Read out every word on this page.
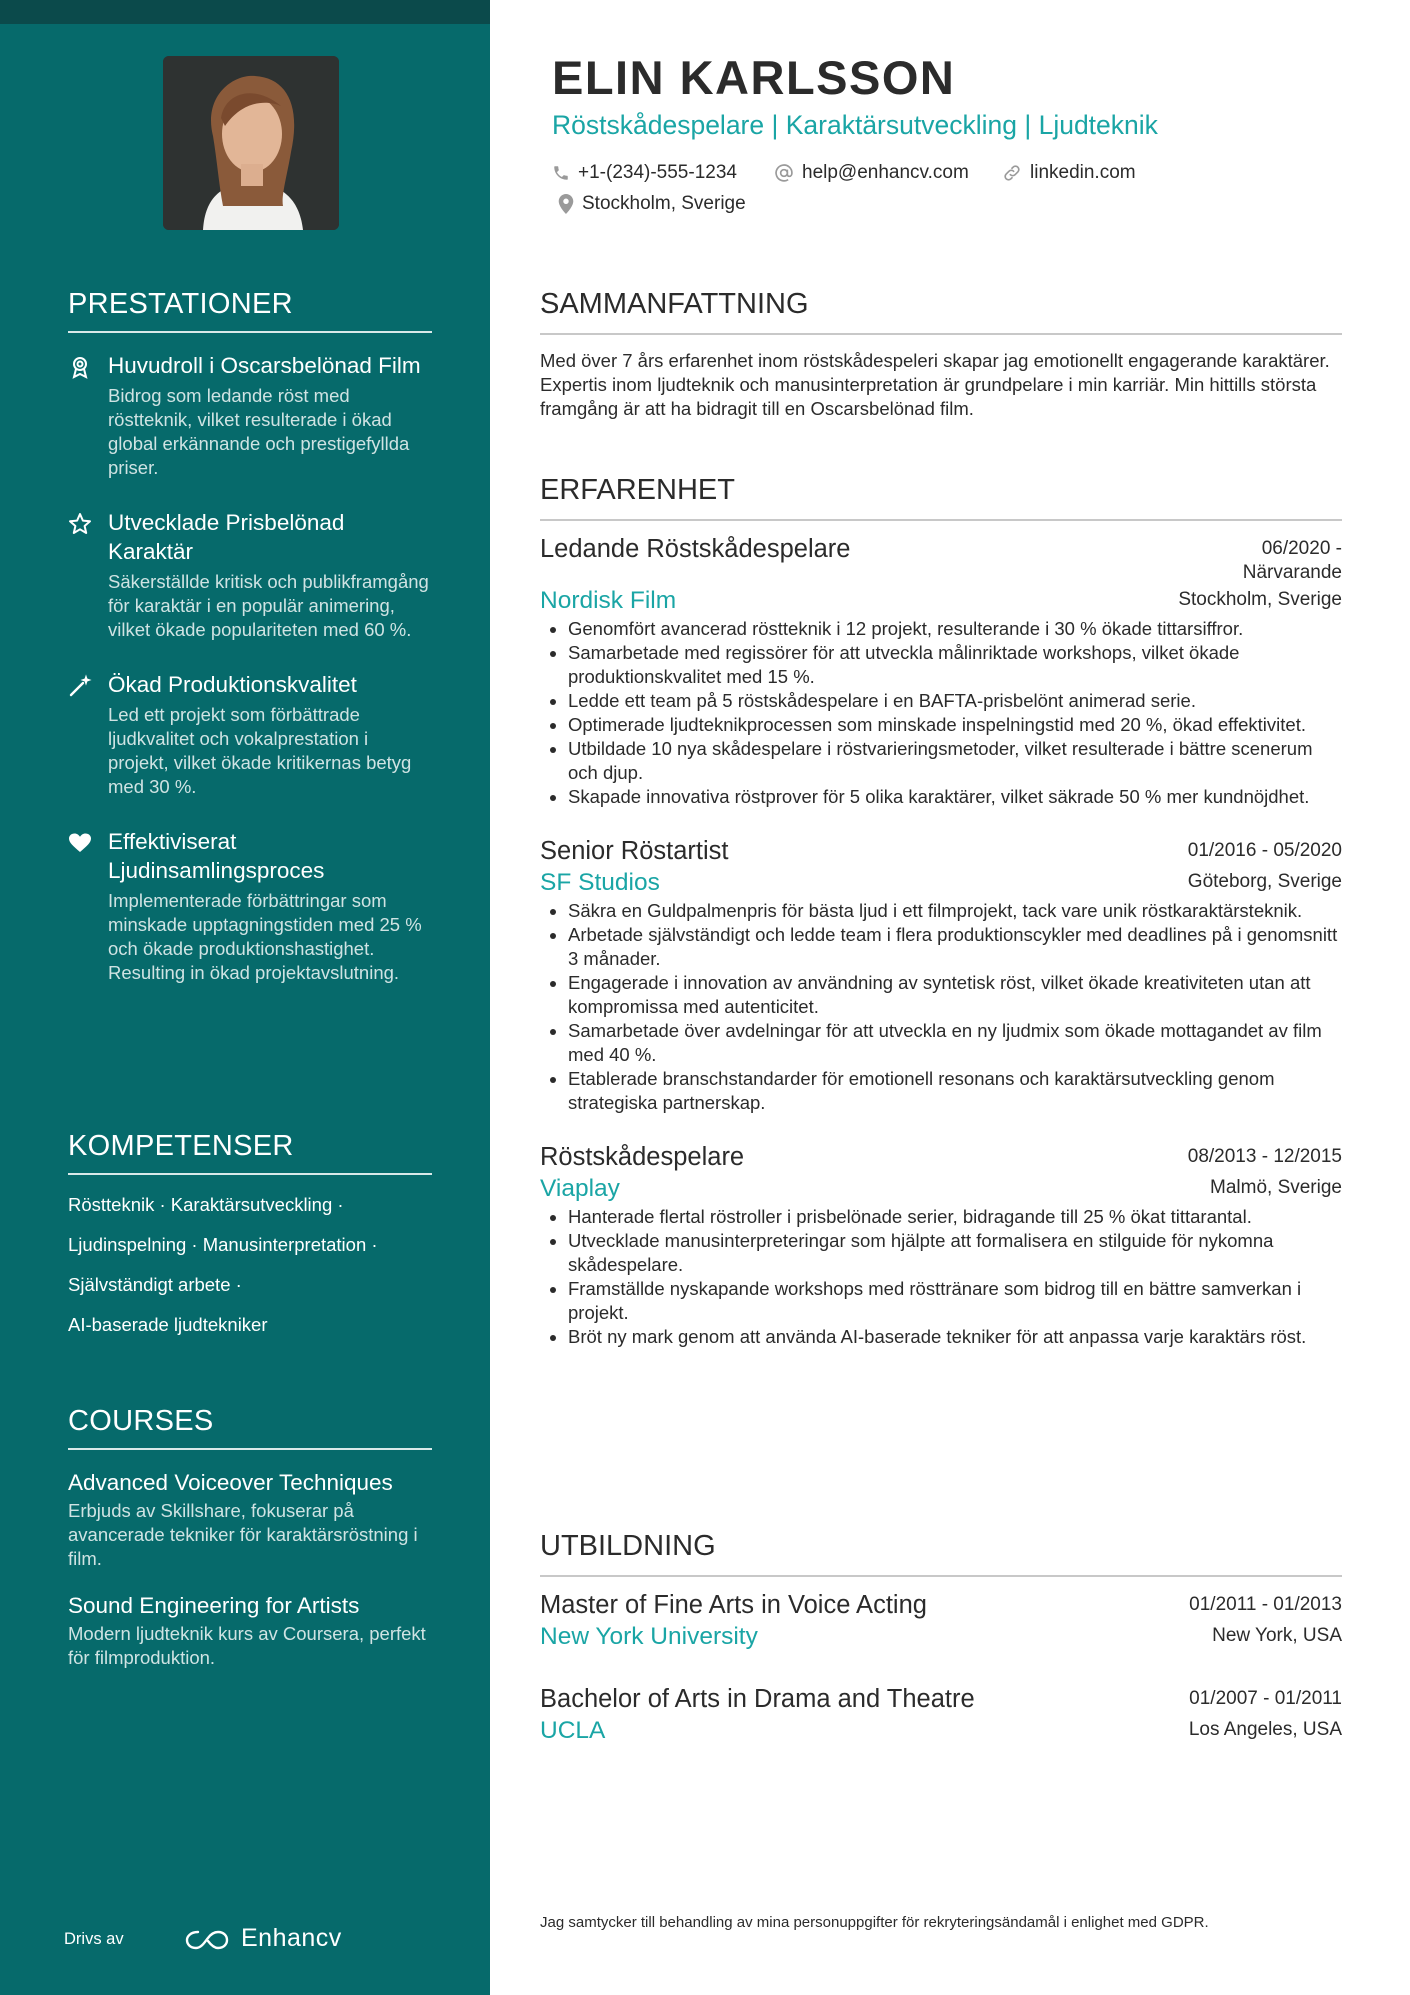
PRESTATIONER
Huvudroll i Oscarsbelönad Film
Bidrog som ledande röst med röstteknik, vilket resulterade i ökad global erkännande och prestigefyllda priser.
Utvecklade Prisbelönad Karaktär
Säkerställde kritisk och publikframgång för karaktär i en populär animering, vilket ökade populariteten med 60 %.
Ökad Produktionskvalitet
Led ett projekt som förbättrade ljudkvalitet och vokalprestation i projekt, vilket ökade kritikernas betyg med 30 %.
Effektiviserat Ljudinsamlingsproces
Implementerade förbättringar som minskade upptagningstiden med 25 % och ökade produktionshastighet. Resulting in ökad projektavslutning.
KOMPETENSER
Röstteknik · Karaktärsutveckling ·
Ljudinspelning · Manusinterpretation ·
Självständigt arbete ·
AI-baserade ljudtekniker
COURSES
Advanced Voiceover Techniques
Erbjuds av Skillshare, fokuserar på avancerade tekniker för karaktärsröstning i film.
Sound Engineering for Artists
Modern ljudteknik kurs av Coursera, perfekt för filmproduktion.
Drivs av	Enhancv
ELIN KARLSSON
Röstskådespelare | Karaktärsutveckling | Ljudteknik
+1-(234)-555-1234	help@enhancv.com	linkedin.com
Stockholm, Sverige
SAMMANFATTNING
Med över 7 års erfarenhet inom röstskådespeleri skapar jag emotionellt engagerande karaktärer. Expertis inom ljudteknik och manusinterpretation är grundpelare i min karriär. Min hittills största framgång är att ha bidragit till en Oscarsbelönad film.
ERFARENHET
Ledande Röstskådespelare	06/2020 - Närvarande
Nordisk Film	Stockholm, Sverige
• Genomfört avancerad röstteknik i 12 projekt, resulterande i 30 % ökade tittarsiffror.
• Samarbetade med regissörer för att utveckla målinriktade workshops, vilket ökade produktionskvalitet med 15 %.
• Ledde ett team på 5 röstskådespelare i en BAFTA-prisbelönt animerad serie.
• Optimerade ljudteknikprocessen som minskade inspelningstid med 20 %, ökad effektivitet.
• Utbildade 10 nya skådespelare i röstvarieringsmetoder, vilket resulterade i bättre scenerum och djup.
• Skapade innovativa röstprover för 5 olika karaktärer, vilket säkrade 50 % mer kundnöjdhet.
Senior Röstartist	01/2016 - 05/2020
SF Studios	Göteborg, Sverige
• Säkra en Guldpalmenpris för bästa ljud i ett filmprojekt, tack vare unik röstkaraktärsteknik.
• Arbetade självständigt och ledde team i flera produktionscykler med deadlines på i genomsnitt 3 månader.
• Engagerade i innovation av användning av syntetisk röst, vilket ökade kreativiteten utan att kompromissa med autenticitet.
• Samarbetade över avdelningar för att utveckla en ny ljudmix som ökade mottagandet av film med 40 %.
• Etablerade branschstandarder för emotionell resonans och karaktärsutveckling genom strategiska partnerskap.
Röstskådespelare	08/2013 - 12/2015
Viaplay	Malmö, Sverige
• Hanterade flertal röstroller i prisbelönade serier, bidragande till 25 % ökat tittarantal.
• Utvecklade manusinterpreteringar som hjälpte att formalisera en stilguide för nykomna skådespelare.
• Framställde nyskapande workshops med rösttränare som bidrog till en bättre samverkan i projekt.
• Bröt ny mark genom att använda AI-baserade tekniker för att anpassa varje karaktärs röst.
UTBILDNING
Master of Fine Arts in Voice Acting	01/2011 - 01/2013
New York University	New York, USA
Bachelor of Arts in Drama and Theatre	01/2007 - 01/2011
UCLA	Los Angeles, USA
Jag samtycker till behandling av mina personuppgifter för rekryteringsändamål i enlighet med GDPR.
